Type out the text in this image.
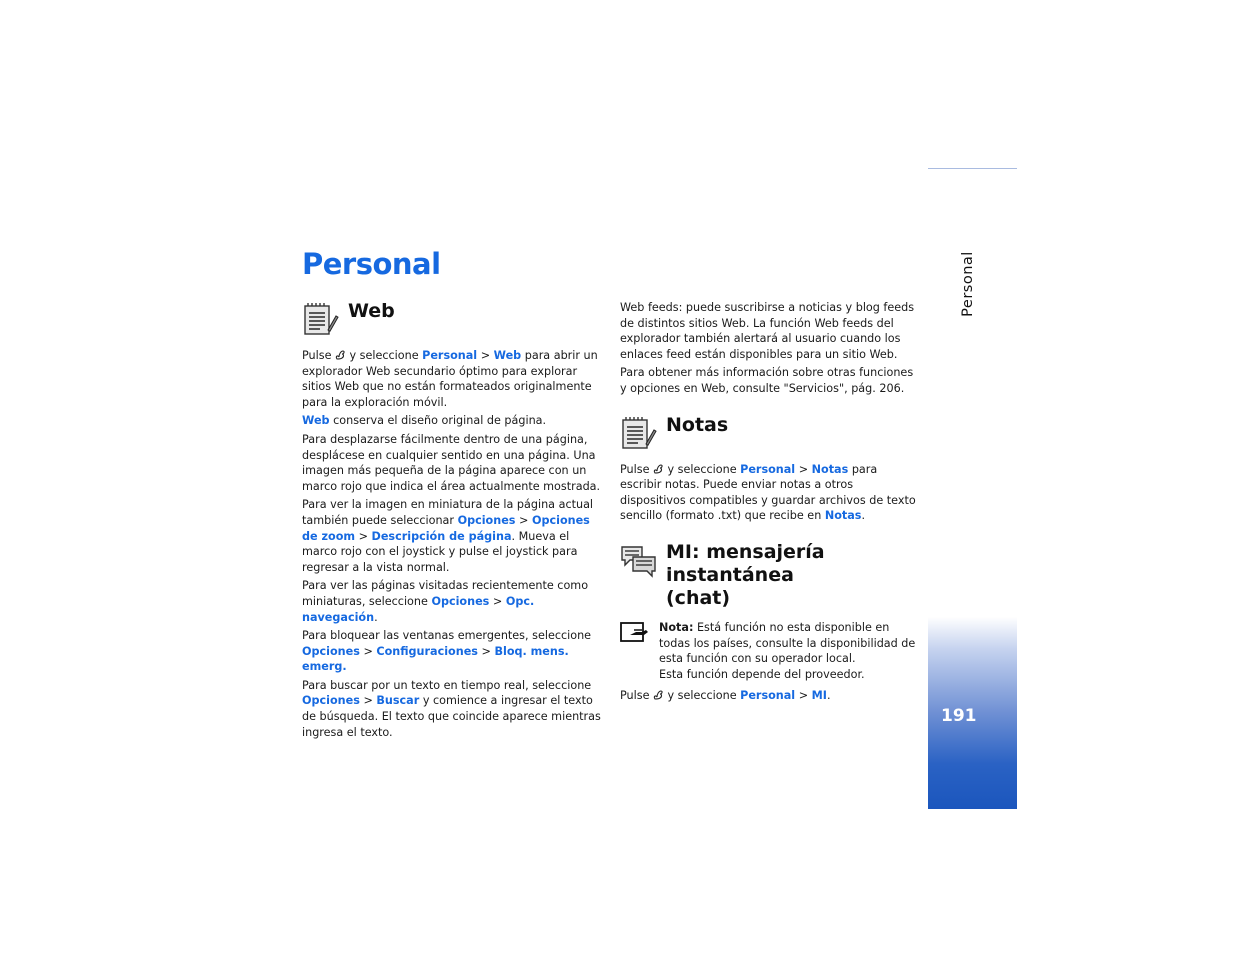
Personal
191
Personal
Web

Pulse y seleccione Personal > Web para abrir un explorador Web secundario óptimo para explorar sitios Web que no están formateados originalmente para la exploración móvil.

Web conserva el diseño original de página.

Para desplazarse fácilmente dentro de una página, desplácese en cualquier sentido en una página. Una imagen más pequeña de la página aparece con un marco rojo que indica el área actualmente mostrada.

Para ver la imagen en miniatura de la página actual también puede seleccionar Opciones > Opciones de zoom > Descripción de página. Mueva el marco rojo con el joystick y pulse el joystick para regresar a la vista normal.

Para ver las páginas visitadas recientemente como miniaturas, seleccione Opciones > Opc. navegación.

Para bloquear las ventanas emergentes, seleccione Opciones > Configuraciones > Bloq. mens. emerg.

Para buscar por un texto en tiempo real, seleccione Opciones > Buscar y comience a ingresar el texto de búsqueda. El texto que coincide aparece mientras ingresa el texto.

Web feeds: puede suscribirse a noticias y blog feeds de distintos sitios Web. La función Web feeds del explorador también alertará al usuario cuando los enlaces feed están disponibles para un sitio Web.

Para obtener más información sobre otras funciones y opciones en Web, consulte "Servicios", pág. 206.

Notas

Pulse y seleccione Personal > Notas para escribir notas. Puede enviar notas a otros dispositivos compatibles y guardar archivos de texto sencillo (formato .txt) que recibe en Notas.

MI: mensajería instantánea
(chat)
Nota: Está función no esta disponible en todas los países, consulte la disponibilidad de esta función con su operador local.
Esta función depende del proveedor.

Pulse y seleccione Personal > MI.
